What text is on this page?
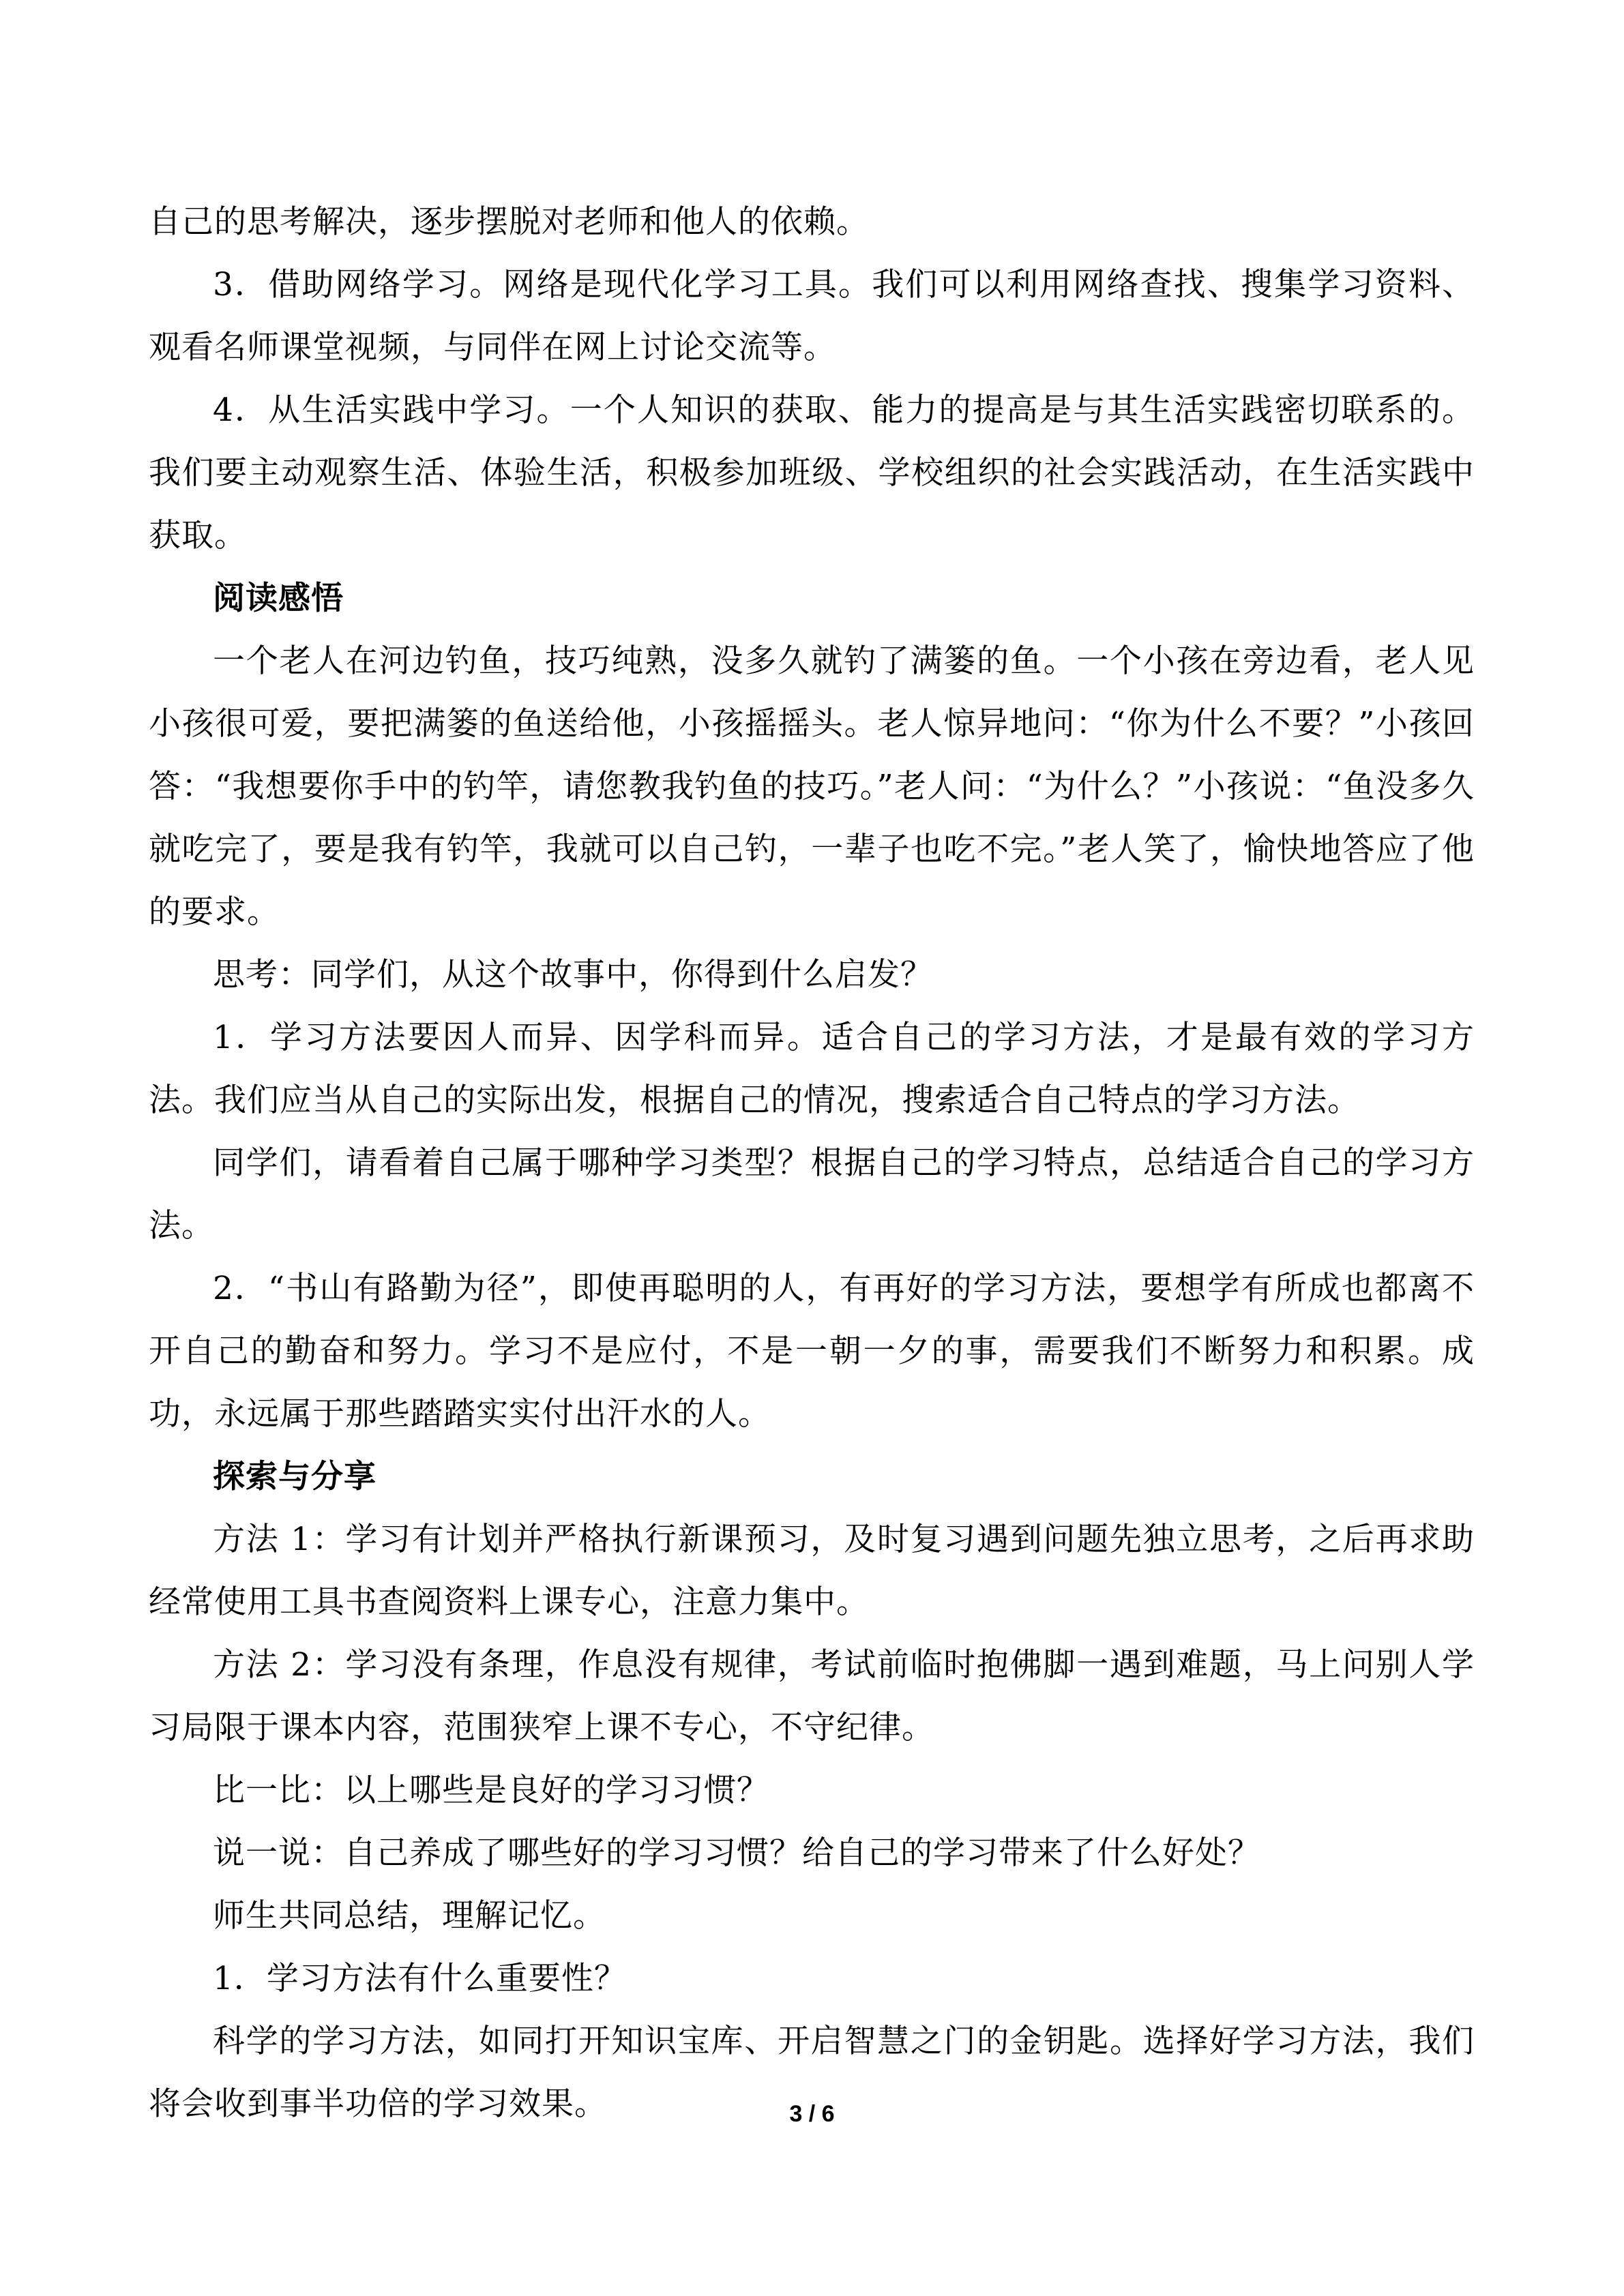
自己的思考解决，逐步摆脱对老师和他人的依赖。

3．借助网络学习。网络是现代化学习工具。我们可以利用网络查找、搜集学习资料、观看名师课堂视频，与同伴在网上讨论交流等。

4．从生活实践中学习。一个人知识的获取、能力的提高是与其生活实践密切联系的。我们要主动观察生活、体验生活，积极参加班级、学校组织的社会实践活动，在生活实践中获取。

阅读感悟

一个老人在河边钓鱼，技巧纯熟，没多久就钓了满篓的鱼。一个小孩在旁边看，老人见小孩很可爱，要把满篓的鱼送给他，小孩摇摇头。老人惊异地问：“你为什么不要？”小孩回答：“我想要你手中的钓竿，请您教我钓鱼的技巧。”老人问：“为什么？”小孩说：“鱼没多久就吃完了，要是我有钓竿，我就可以自己钓，一辈子也吃不完。”老人笑了，愉快地答应了他的要求。

思考：同学们，从这个故事中，你得到什么启发？

1．学习方法要因人而异、因学科而异。适合自己的学习方法，才是最有效的学习方法。我们应当从自己的实际出发，根据自己的情况，搜索适合自己特点的学习方法。

同学们，请看着自己属于哪种学习类型？根据自己的学习特点，总结适合自己的学习方法。

2．“书山有路勤为径”，即使再聪明的人，有再好的学习方法，要想学有所成也都离不开自己的勤奋和努力。学习不是应付，不是一朝一夕的事，需要我们不断努力和积累。成功，永远属于那些踏踏实实付出汗水的人。

探索与分享

方法 1：学习有计划并严格执行新课预习，及时复习遇到问题先独立思考，之后再求助经常使用工具书查阅资料上课专心，注意力集中。

方法 2：学习没有条理，作息没有规律，考试前临时抱佛脚一遇到难题，马上问别人学习局限于课本内容，范围狭窄上课不专心，不守纪律。

比一比：以上哪些是良好的学习习惯？

说一说：自己养成了哪些好的学习习惯？给自己的学习带来了什么好处？

师生共同总结，理解记忆。

1．学习方法有什么重要性？

科学的学习方法，如同打开知识宝库、开启智慧之门的金钥匙。选择好学习方法，我们将会收到事半功倍的学习效果。	3 / 6
